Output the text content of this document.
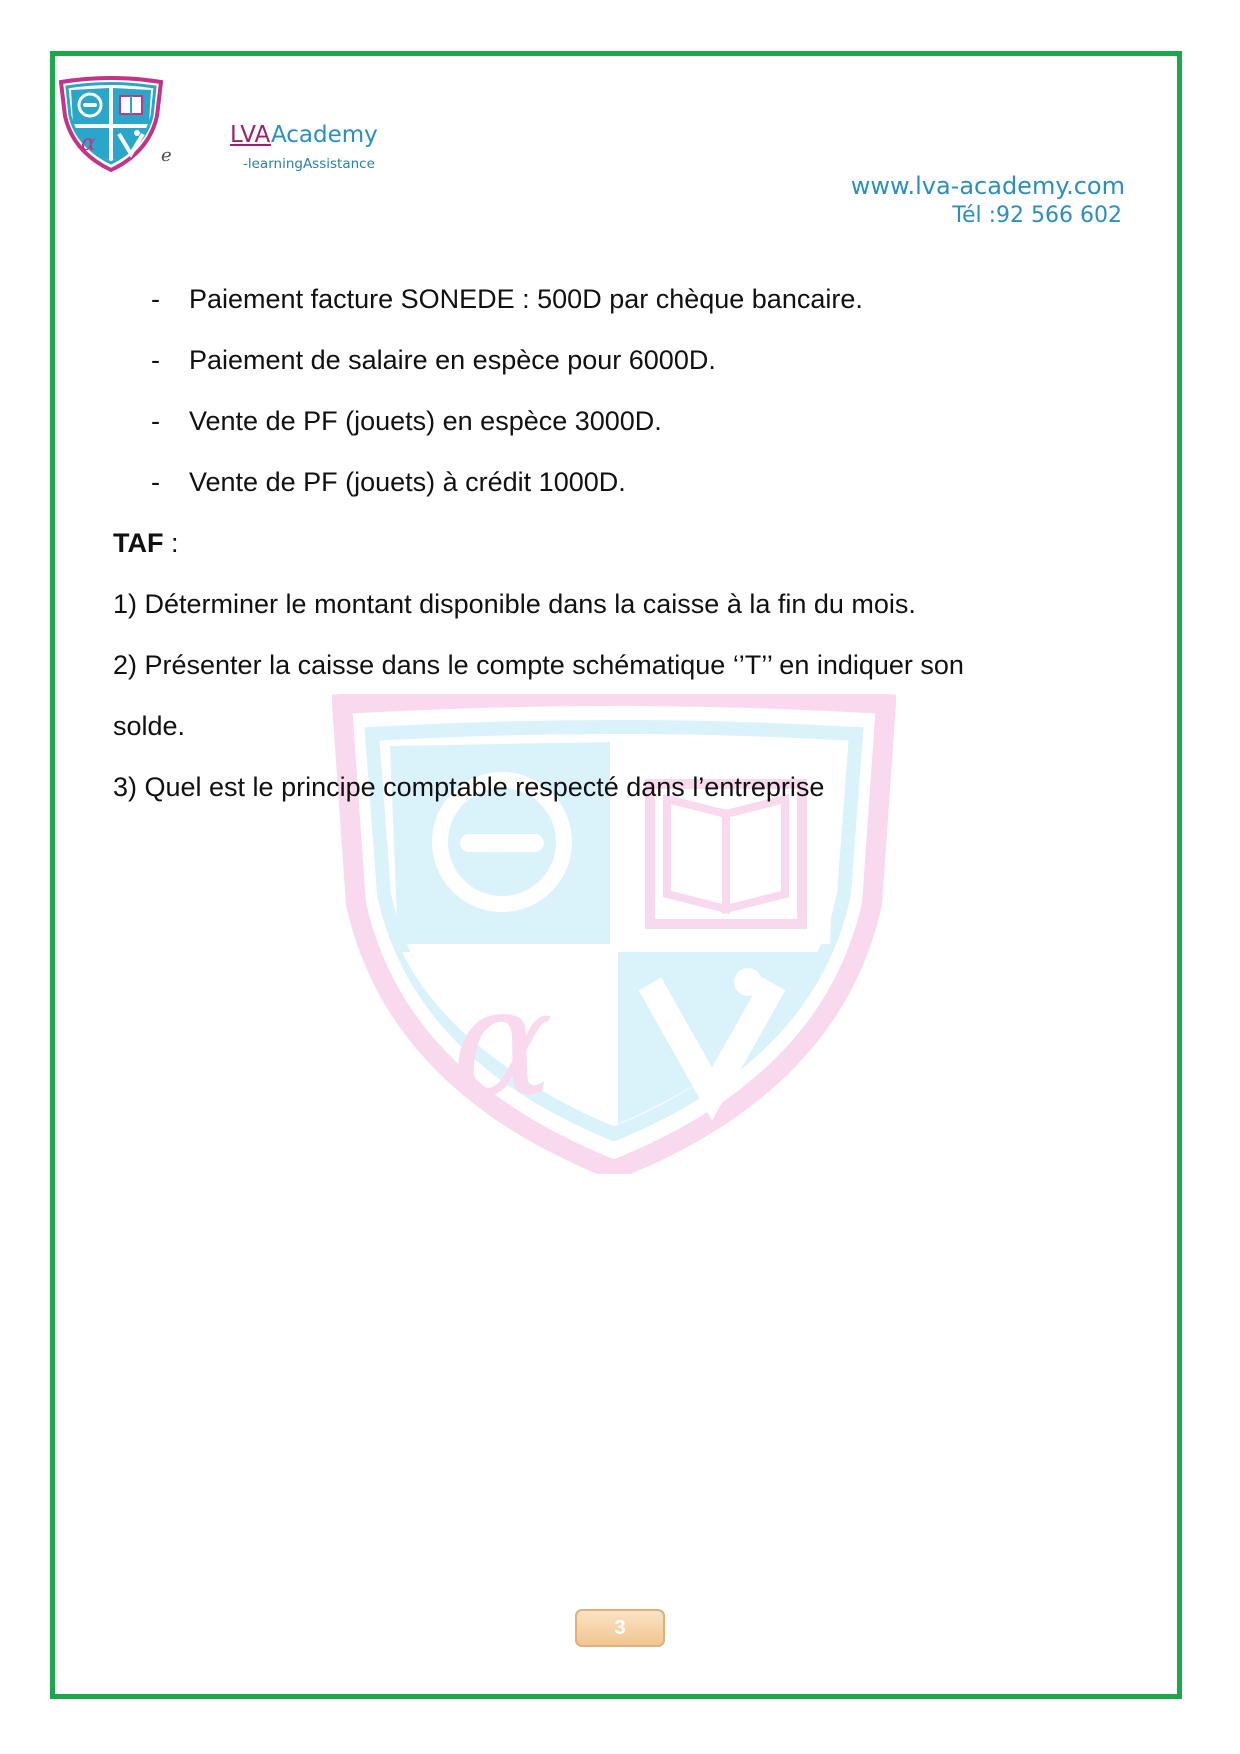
α	e
LVAAcademy
-learningAssistance
www.lva-academy.com
Tél :92 566 602
α
- Paiement facture SONEDE : 500D par chèque bancaire.
- Paiement de salaire en espèce pour 6000D.
- Vente de PF (jouets) en espèce 3000D.
- Vente de PF (jouets) à crédit 1000D.
TAF :
1) Déterminer le montant disponible dans la caisse à la fin du mois.
2) Présenter la caisse dans le compte schématique ‘’T’’ en indiquer son
solde.
3) Quel est le principe comptable respecté dans l’entreprise
3
